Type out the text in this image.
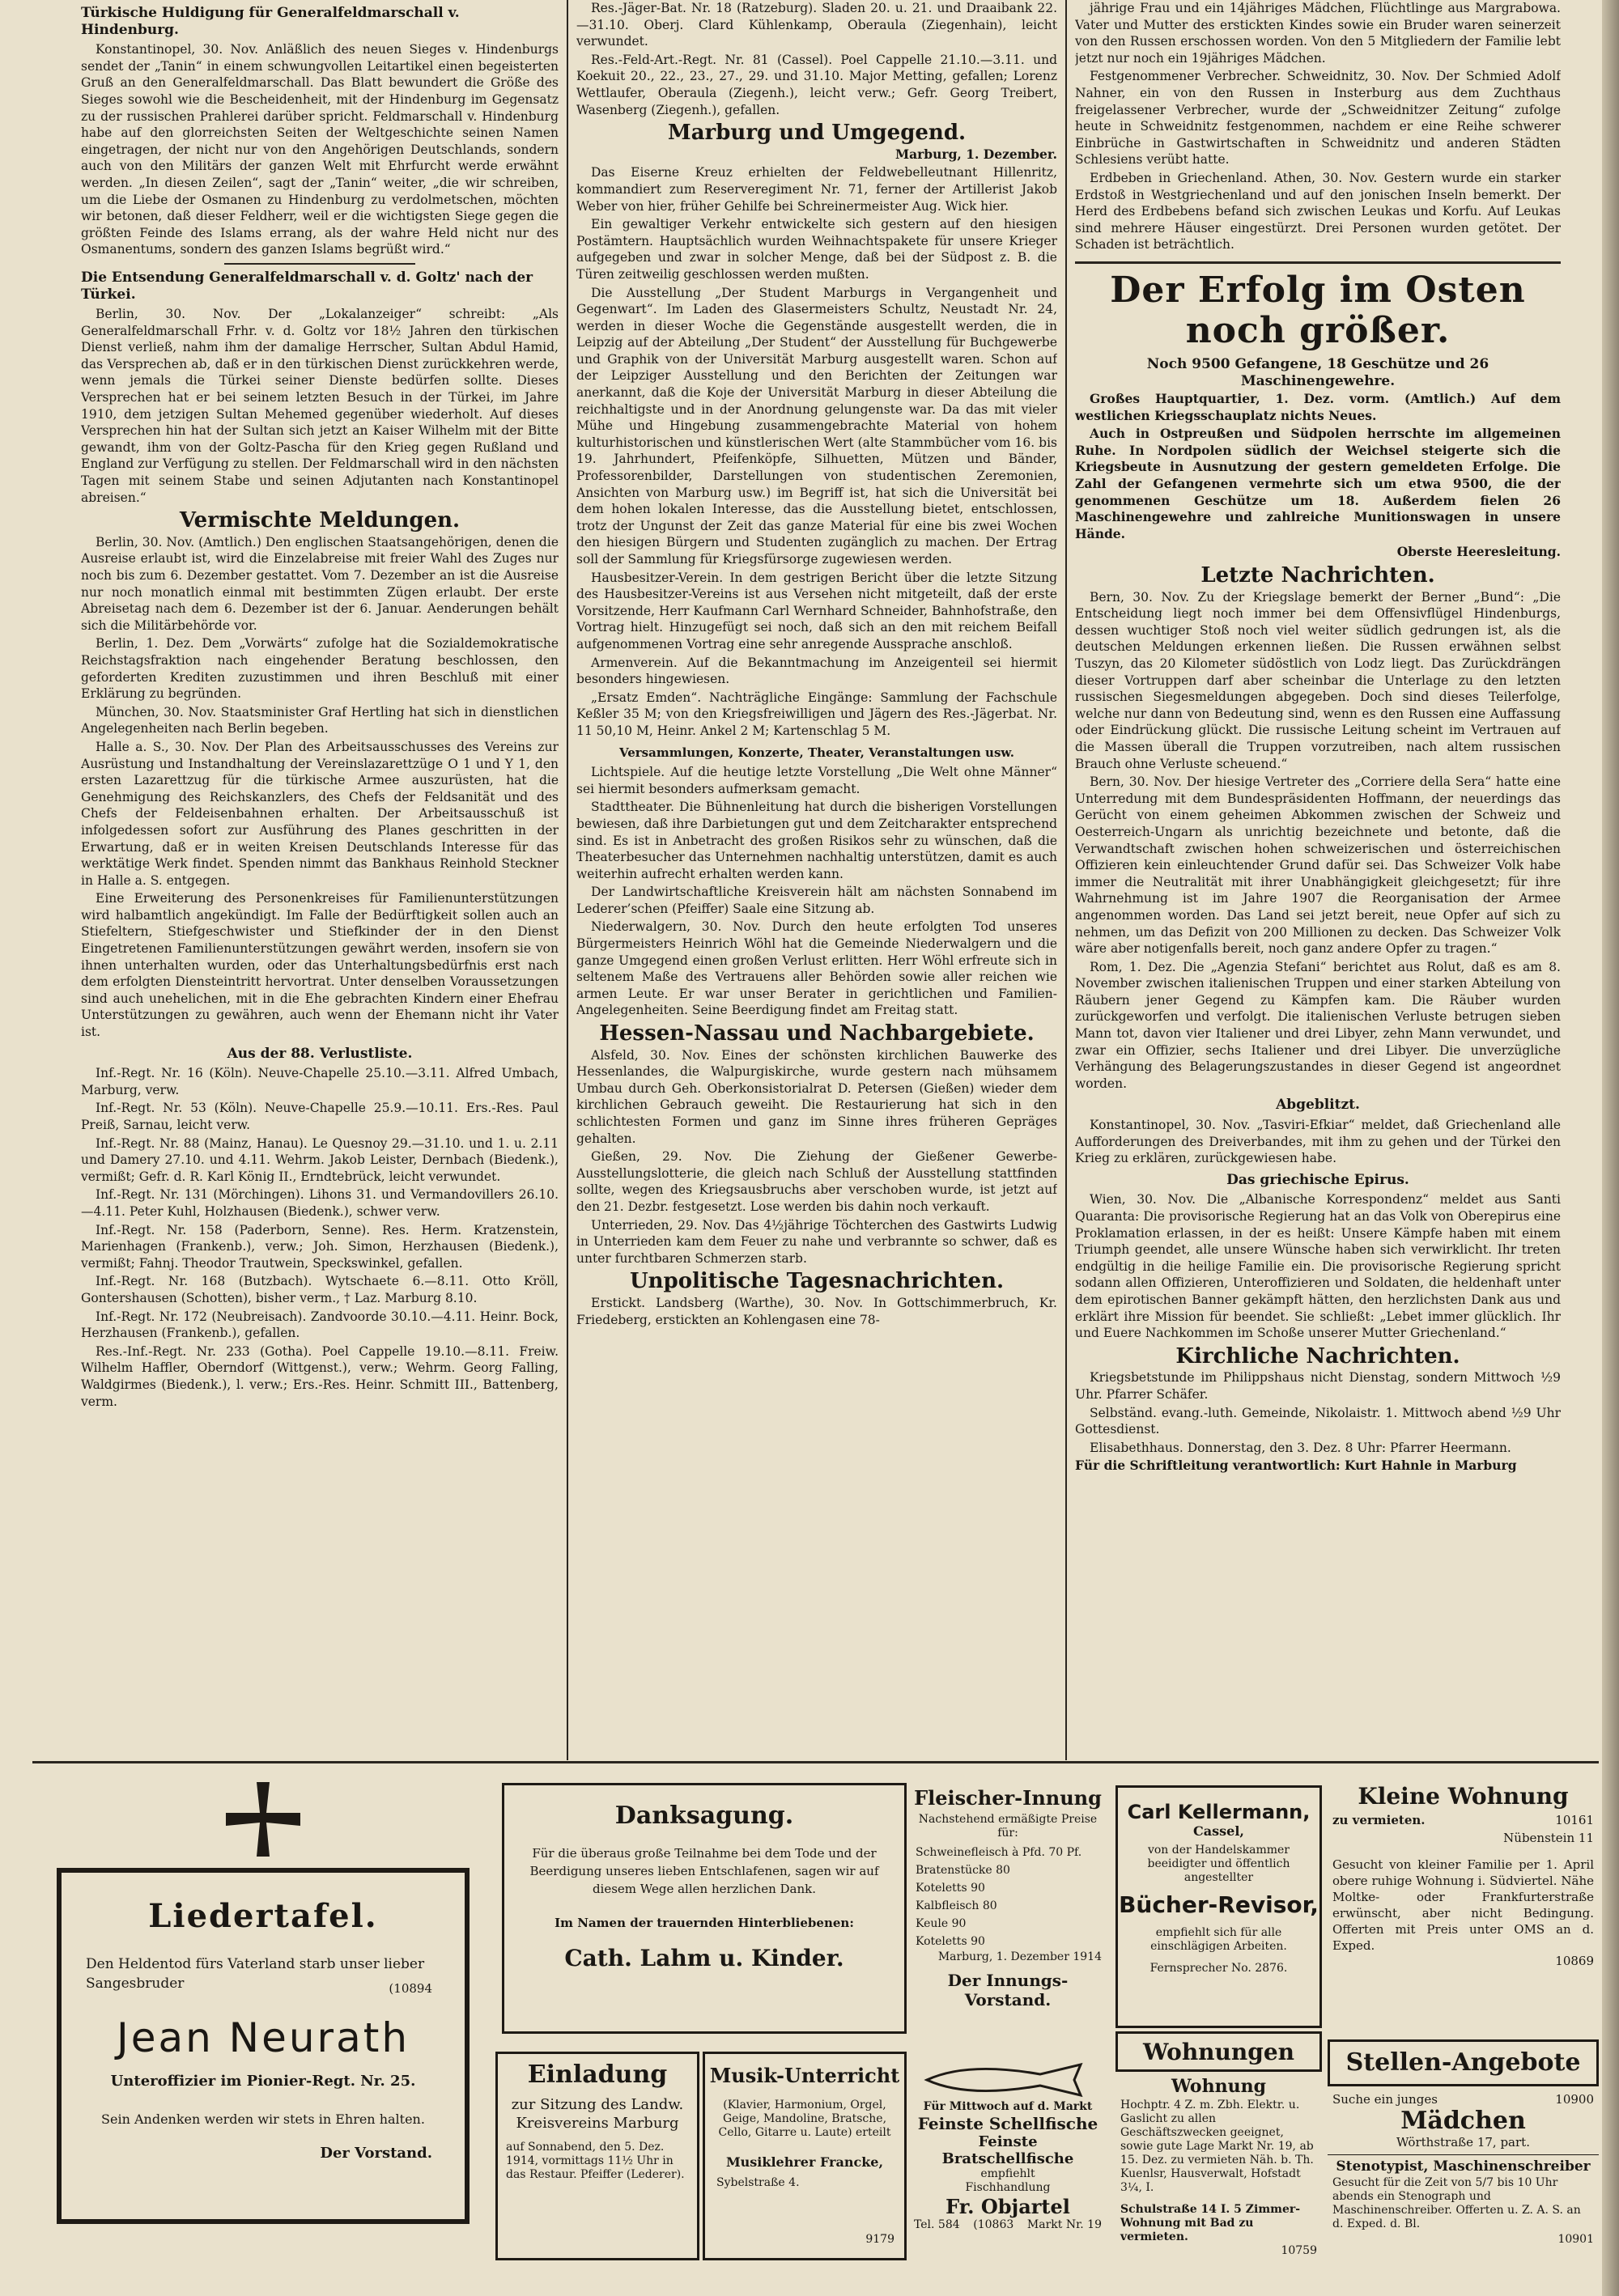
Türkische Huldigung für Generalfeldmarschall v. Hindenburg.

Konstantinopel, 30. Nov. Anläßlich des neuen Sieges v. Hindenburgs sendet der „Tanin“ in einem schwungvollen Leitartikel einen begeisterten Gruß an den Generalfeldmarschall. Das Blatt bewundert die Größe des Sieges sowohl wie die Bescheidenheit, mit der Hindenburg im Gegensatz zu der russischen Prahlerei darüber spricht. Feldmarschall v. Hindenburg habe auf den glorreichsten Seiten der Weltgeschichte seinen Namen eingetragen, der nicht nur von den Angehörigen Deutschlands, sondern auch von den Militärs der ganzen Welt mit Ehrfurcht werde erwähnt werden. „In diesen Zeilen“, sagt der „Tanin“ weiter, „die wir schreiben, um die Liebe der Osmanen zu Hindenburg zu verdolmetschen, möchten wir betonen, daß dieser Feldherr, weil er die wichtigsten Siege gegen die größten Feinde des Islams errang, als der wahre Held nicht nur des Osmanentums, sondern des ganzen Islams begrüßt wird.“

Die Entsendung Generalfeldmarschall v. d. Goltz' nach der Türkei.

Berlin, 30. Nov. Der „Lokalanzeiger“ schreibt: „Als Generalfeldmarschall Frhr. v. d. Goltz vor 18½ Jahren den türkischen Dienst verließ, nahm ihm der damalige Herrscher, Sultan Abdul Hamid, das Versprechen ab, daß er in den türkischen Dienst zurückkehren werde, wenn jemals die Türkei seiner Dienste bedürfen sollte. Dieses Versprechen hat er bei seinem letzten Besuch in der Türkei, im Jahre 1910, dem jetzigen Sultan Mehemed gegenüber wiederholt. Auf dieses Versprechen hin hat der Sultan sich jetzt an Kaiser Wilhelm mit der Bitte gewandt, ihm von der Goltz-Pascha für den Krieg gegen Rußland und England zur Verfügung zu stellen. Der Feldmarschall wird in den nächsten Tagen mit seinem Stabe und seinen Adjutanten nach Konstantinopel abreisen.“

Vermischte Meldungen.

Berlin, 30. Nov. (Amtlich.) Den englischen Staatsangehörigen, denen die Ausreise erlaubt ist, wird die Einzelabreise mit freier Wahl des Zuges nur noch bis zum 6. Dezember gestattet. Vom 7. Dezember an ist die Ausreise nur noch monatlich einmal mit bestimmten Zügen erlaubt. Der erste Abreisetag nach dem 6. Dezember ist der 6. Januar. Aenderungen behält sich die Militärbehörde vor.

Berlin, 1. Dez. Dem „Vorwärts“ zufolge hat die Sozialdemokratische Reichstagsfraktion nach eingehender Beratung beschlossen, den geforderten Krediten zuzustimmen und ihren Beschluß mit einer Erklärung zu begründen.

München, 30. Nov. Staatsminister Graf Hertling hat sich in dienstlichen Angelegenheiten nach Berlin begeben.

Halle a. S., 30. Nov. Der Plan des Arbeitsausschusses des Vereins zur Ausrüstung und Instandhaltung der Vereinslazarettzüge O 1 und Y 1, den ersten Lazarettzug für die türkische Armee auszurüsten, hat die Genehmigung des Reichskanzlers, des Chefs der Feldsanität und des Chefs der Feldeisenbahnen erhalten. Der Arbeitsausschuß ist infolgedessen sofort zur Ausführung des Planes geschritten in der Erwartung, daß er in weiten Kreisen Deutschlands Interesse für das werktätige Werk findet. Spenden nimmt das Bankhaus Reinhold Steckner in Halle a. S. entgegen.

Eine Erweiterung des Personenkreises für Familienunterstützungen wird halbamtlich angekündigt. Im Falle der Bedürftigkeit sollen auch an Stiefeltern, Stiefgeschwister und Stiefkinder der in den Dienst Eingetretenen Familienunterstützungen gewährt werden, insofern sie von ihnen unterhalten wurden, oder das Unterhaltungsbedürfnis erst nach dem erfolgten Diensteintritt hervortrat. Unter denselben Voraussetzungen sind auch unehelichen, mit in die Ehe gebrachten Kindern einer Ehefrau Unterstützungen zu gewähren, auch wenn der Ehemann nicht ihr Vater ist.

Aus der 88. Verlustliste.

Inf.-Regt. Nr. 16 (Köln). Neuve-Chapelle 25.10.—3.11. Alfred Umbach, Marburg, verw.

Inf.-Regt. Nr. 53 (Köln). Neuve-Chapelle 25.9.—10.11. Ers.-Res. Paul Preiß, Sarnau, leicht verw.

Inf.-Regt. Nr. 88 (Mainz, Hanau). Le Quesnoy 29.—31.10. und 1. u. 2.11 und Damery 27.10. und 4.11. Wehrm. Jakob Leister, Dernbach (Biedenk.), vermißt; Gefr. d. R. Karl König II., Erndtebrück, leicht verwundet.

Inf.-Regt. Nr. 131 (Mörchingen). Lihons 31. und Vermandovillers 26.10.—4.11. Peter Kuhl, Holzhausen (Biedenk.), schwer verw.

Inf.-Regt. Nr. 158 (Paderborn, Senne). Res. Herm. Kratzenstein, Marienhagen (Frankenb.), verw.; Joh. Simon, Herzhausen (Biedenk.), vermißt; Fahnj. Theodor Trautwein, Speckswinkel, gefallen.

Inf.-Regt. Nr. 168 (Butzbach). Wytschaete 6.—8.11. Otto Kröll, Gontershausen (Schotten), bisher verm., † Laz. Marburg 8.10.

Inf.-Regt. Nr. 172 (Neubreisach). Zandvoorde 30.10.—4.11. Heinr. Bock, Herzhausen (Frankenb.), gefallen.

Res.-Inf.-Regt. Nr. 233 (Gotha). Poel Cappelle 19.10.—8.11. Freiw. Wilhelm Haffler, Oberndorf (Wittgenst.), verw.; Wehrm. Georg Falling, Waldgirmes (Biedenk.), l. verw.; Ers.-Res. Heinr. Schmitt III., Battenberg, verm.

Res.-Jäger-Bat. Nr. 18 (Ratzeburg). Sladen 20. u. 21. und Draaibank 22.—31.10. Oberj. Clard Kühlenkamp, Oberaula (Ziegenhain), leicht verwundet.

Res.-Feld-Art.-Regt. Nr. 81 (Cassel). Poel Cappelle 21.10.—3.11. und Koekuit 20., 22., 23., 27., 29. und 31.10. Major Metting, gefallen; Lorenz Wettlaufer, Oberaula (Ziegenh.), leicht verw.; Gefr. Georg Treibert, Wasenberg (Ziegenh.), gefallen.

Marburg und Umgegend.

Marburg, 1. Dezember.

Das Eiserne Kreuz erhielten der Feldwebelleutnant Hillenritz, kommandiert zum Reserveregiment Nr. 71, ferner der Artillerist Jakob Weber von hier, früher Gehilfe bei Schreinermeister Aug. Wick hier.

Ein gewaltiger Verkehr entwickelte sich gestern auf den hiesigen Postämtern. Hauptsächlich wurden Weihnachtspakete für unsere Krieger aufgegeben und zwar in solcher Menge, daß bei der Südpost z. B. die Türen zeitweilig geschlossen werden mußten.

Die Ausstellung „Der Student Marburgs in Vergangenheit und Gegenwart“. Im Laden des Glasermeisters Schultz, Neustadt Nr. 24, werden in dieser Woche die Gegenstände ausgestellt werden, die in Leipzig auf der Abteilung „Der Student“ der Ausstellung für Buchgewerbe und Graphik von der Universität Marburg ausgestellt waren. Schon auf der Leipziger Ausstellung und den Berichten der Zeitungen war anerkannt, daß die Koje der Universität Marburg in dieser Abteilung die reichhaltigste und in der Anordnung gelungenste war. Da das mit vieler Mühe und Hingebung zusammengebrachte Material von hohem kulturhistorischen und künstlerischen Wert (alte Stammbücher vom 16. bis 19. Jahrhundert, Pfeifenköpfe, Silhuetten, Mützen und Bänder, Professorenbilder, Darstellungen von studentischen Zeremonien, Ansichten von Marburg usw.) im Begriff ist, hat sich die Universität bei dem hohen lokalen Interesse, das die Ausstellung bietet, entschlossen, trotz der Ungunst der Zeit das ganze Material für eine bis zwei Wochen den hiesigen Bürgern und Studenten zugänglich zu machen. Der Ertrag soll der Sammlung für Kriegsfürsorge zugewiesen werden.

Hausbesitzer-Verein. In dem gestrigen Bericht über die letzte Sitzung des Hausbesitzer-Vereins ist aus Versehen nicht mitgeteilt, daß der erste Vorsitzende, Herr Kaufmann Carl Wernhard Schneider, Bahnhofstraße, den Vortrag hielt. Hinzugefügt sei noch, daß sich an den mit reichem Beifall aufgenommenen Vortrag eine sehr anregende Aussprache anschloß.

Armenverein. Auf die Bekanntmachung im Anzeigenteil sei hiermit besonders hingewiesen.

„Ersatz Emden“. Nachträgliche Eingänge: Sammlung der Fachschule Keßler 35 M; von den Kriegsfreiwilligen und Jägern des Res.-Jägerbat. Nr. 11 50,10 M, Heinr. Ankel 2 M; Kartenschlag 5 M.

Versammlungen, Konzerte, Theater, Veranstaltungen usw.

Lichtspiele. Auf die heutige letzte Vorstellung „Die Welt ohne Männer“ sei hiermit besonders aufmerksam gemacht.

Stadttheater. Die Bühnenleitung hat durch die bisherigen Vorstellungen bewiesen, daß ihre Darbietungen gut und dem Zeitcharakter entsprechend sind. Es ist in Anbetracht des großen Risikos sehr zu wünschen, daß die Theaterbesucher das Unternehmen nachhaltig unterstützen, damit es auch weiterhin aufrecht erhalten werden kann.

Der Landwirtschaftliche Kreisverein hält am nächsten Sonnabend im Lederer’schen (Pfeiffer) Saale eine Sitzung ab.

Niederwalgern, 30. Nov. Durch den heute erfolgten Tod unseres Bürgermeisters Heinrich Wöhl hat die Gemeinde Niederwalgern und die ganze Umgegend einen großen Verlust erlitten. Herr Wöhl erfreute sich in seltenem Maße des Vertrauens aller Behörden sowie aller reichen wie armen Leute. Er war unser Berater in gerichtlichen und Familien-Angelegenheiten. Seine Beerdigung findet am Freitag statt.

Hessen-Nassau und Nachbargebiete.

Alsfeld, 30. Nov. Eines der schönsten kirchlichen Bauwerke des Hessenlandes, die Walpurgiskirche, wurde gestern nach mühsamem Umbau durch Geh. Oberkonsistorialrat D. Petersen (Gießen) wieder dem kirchlichen Gebrauch geweiht. Die Restaurierung hat sich in den schlichtesten Formen und ganz im Sinne ihres früheren Gepräges gehalten.

Gießen, 29. Nov. Die Ziehung der Gießener Gewerbe-Ausstellungslotterie, die gleich nach Schluß der Ausstellung stattfinden sollte, wegen des Kriegsausbruchs aber verschoben wurde, ist jetzt auf den 21. Dezbr. festgesetzt. Lose werden bis dahin noch verkauft.

Unterrieden, 29. Nov. Das 4½jährige Töchterchen des Gastwirts Ludwig in Unterrieden kam dem Feuer zu nahe und verbrannte so schwer, daß es unter furchtbaren Schmerzen starb.

Unpolitische Tagesnachrichten.

Erstickt. Landsberg (Warthe), 30. Nov. In Gottschimmerbruch, Kr. Friedeberg, erstickten an Kohlengasen eine 78-

jährige Frau und ein 14jähriges Mädchen, Flüchtlinge aus Margrabowa. Vater und Mutter des erstickten Kindes sowie ein Bruder waren seinerzeit von den Russen erschossen worden. Von den 5 Mitgliedern der Familie lebt jetzt nur noch ein 19jähriges Mädchen.

Festgenommener Verbrecher. Schweidnitz, 30. Nov. Der Schmied Adolf Nahner, ein von den Russen in Insterburg aus dem Zuchthaus freigelassener Verbrecher, wurde der „Schweidnitzer Zeitung“ zufolge heute in Schweidnitz festgenommen, nachdem er eine Reihe schwerer Einbrüche in Gastwirtschaften in Schweidnitz und anderen Städten Schlesiens verübt hatte.

Erdbeben in Griechenland. Athen, 30. Nov. Gestern wurde ein starker Erdstoß in Westgriechenland und auf den jonischen Inseln bemerkt. Der Herd des Erdbebens befand sich zwischen Leukas und Korfu. Auf Leukas sind mehrere Häuser eingestürzt. Drei Personen wurden getötet. Der Schaden ist beträchtlich.

Der Erfolg im Osten noch größer.

Noch 9500 Gefangene, 18 Geschütze und 26 Maschinengewehre.

Großes Hauptquartier, 1. Dez. vorm. (Amtlich.) Auf dem westlichen Kriegsschauplatz nichts Neues.

Auch in Ostpreußen und Südpolen herrschte im allgemeinen Ruhe. In Nordpolen südlich der Weichsel steigerte sich die Kriegsbeute in Ausnutzung der gestern gemeldeten Erfolge. Die Zahl der Gefangenen vermehrte sich um etwa 9500, die der genommenen Geschütze um 18. Außerdem fielen 26 Maschinengewehre und zahlreiche Munitionswagen in unsere Hände.

Oberste Heeresleitung.

Letzte Nachrichten.

Bern, 30. Nov. Zu der Kriegslage bemerkt der Berner „Bund“: „Die Entscheidung liegt noch immer bei dem Offensivflügel Hindenburgs, dessen wuchtiger Stoß noch viel weiter südlich gedrungen ist, als die deutschen Meldungen erkennen ließen. Die Russen erwähnen selbst Tuszyn, das 20 Kilometer südöstlich von Lodz liegt. Das Zurückdrängen dieser Vortruppen darf aber scheinbar die Unterlage zu den letzten russischen Siegesmeldungen abgegeben. Doch sind dieses Teilerfolge, welche nur dann von Bedeutung sind, wenn es den Russen eine Auffassung oder Eindrückung glückt. Die russische Leitung scheint im Vertrauen auf die Massen überall die Truppen vorzutreiben, nach altem russischen Brauch ohne Verluste scheuend.“

Bern, 30. Nov. Der hiesige Vertreter des „Corriere della Sera“ hatte eine Unterredung mit dem Bundespräsidenten Hoffmann, der neuerdings das Gerücht von einem geheimen Abkommen zwischen der Schweiz und Oesterreich-Ungarn als unrichtig bezeichnete und betonte, daß die Verwandtschaft zwischen hohen schweizerischen und österreichischen Offizieren kein einleuchtender Grund dafür sei. Das Schweizer Volk habe immer die Neutralität mit ihrer Unabhängigkeit gleichgesetzt; für ihre Wahrnehmung ist im Jahre 1907 die Reorganisation der Armee angenommen worden. Das Land sei jetzt bereit, neue Opfer auf sich zu nehmen, um das Defizit von 200 Millionen zu decken. Das Schweizer Volk wäre aber notigenfalls bereit, noch ganz andere Opfer zu tragen.“

Rom, 1. Dez. Die „Agenzia Stefani“ berichtet aus Rolut, daß es am 8. November zwischen italienischen Truppen und einer starken Abteilung von Räubern jener Gegend zu Kämpfen kam. Die Räuber wurden zurückgeworfen und verfolgt. Die italienischen Verluste betrugen sieben Mann tot, davon vier Italiener und drei Libyer, zehn Mann verwundet, und zwar ein Offizier, sechs Italiener und drei Libyer. Die unverzügliche Verhängung des Belagerungszustandes in dieser Gegend ist angeordnet worden.

Abgeblitzt.

Konstantinopel, 30. Nov. „Tasviri-Efkiar“ meldet, daß Griechenland alle Aufforderungen des Dreiverbandes, mit ihm zu gehen und der Türkei den Krieg zu erklären, zurückgewiesen habe.

Das griechische Epirus.

Wien, 30. Nov. Die „Albanische Korrespondenz“ meldet aus Santi Quaranta: Die provisorische Regierung hat an das Volk von Oberepirus eine Proklamation erlassen, in der es heißt: Unsere Kämpfe haben mit einem Triumph geendet, alle unsere Wünsche haben sich verwirklicht. Ihr treten endgültig in die heilige Familie ein. Die provisorische Regierung spricht sodann allen Offizieren, Unteroffizieren und Soldaten, die heldenhaft unter dem epirotischen Banner gekämpft hätten, den herzlichsten Dank aus und erklärt ihre Mission für beendet. Sie schließt: „Lebet immer glücklich. Ihr und Euere Nachkommen im Schoße unserer Mutter Griechenland.“

Kirchliche Nachrichten.

Kriegsbetstunde im Philippshaus nicht Dienstag, sondern Mittwoch ½9 Uhr. Pfarrer Schäfer.

Selbständ. evang.-luth. Gemeinde, Nikolaistr. 1. Mittwoch abend ½9 Uhr Gottesdienst.

Elisabethhaus. Donnerstag, den 3. Dez. 8 Uhr: Pfarrer Heermann.

Für die Schriftleitung verantwortlich: Kurt Hahnle in Marburg

Liedertafel.
Den Heldentod fürs Vaterland starb unser lieber Sangesbruder	(10894
Jean Neurath
Unteroffizier im Pionier-Regt. Nr. 25.
Sein Andenken werden wir stets in Ehren halten.
Der Vorstand.
Danksagung.
Für die überaus große Teilnahme bei dem Tode und der Beerdigung unseres lieben Entschlafenen, sagen wir auf diesem Wege allen herzlichen Dank.
Im Namen der trauernden Hinterbliebenen:
Cath. Lahm u. Kinder.
Einladung
zur Sitzung des Landw. Kreisvereins Marburg
auf Sonnabend, den 5. Dez. 1914, vormittags 11½ Uhr in das Restaur. Pfeiffer (Lederer).
Musik-Unterricht
(Klavier, Harmonium, Orgel, Geige, Mandoline, Bratsche, Cello, Gitarre u. Laute) erteilt
Musiklehrer Francke,
Sybelstraße 4.
9179
Fleischer-Innung
Nachstehend ermäßigte Preise für:
Schweinefleisch à Pfd. 70 Pf.
Bratenstücke 80
Koteletts 90
Kalbfleisch 80
Keule 90
Koteletts 90
Marburg, 1. Dezember 1914
Der Innungs-Vorstand.
Für Mittwoch auf d. Markt
Feinste Schellfische
Feinste Bratschellfische
empfiehlt
Fischhandlung
Fr. Objartel
Tel. 584 (10863 Markt Nr. 19
Carl Kellermann,
Cassel,
von der Handelskammer beeidigter und öffentlich angestellter
Bücher-Revisor,
empfiehlt sich für alle einschlägigen Arbeiten.
Fernsprecher No. 2876.
Wohnungen
Wohnung
Hochptr. 4 Z. m. Zbh. Elektr. u. Gaslicht zu allen Geschäftszwecken geeignet, sowie gute Lage Markt Nr. 19, ab 15. Dez. zu vermieten Näh. b. Th. Kuenlsr, Hausverwalt, Hofstadt 3¼, I.
Schulstraße 14 I. 5 Zimmer-Wohnung mit Bad zu vermieten.
10759
Kleine Wohnung
zu vermieten.	10161
Nübenstein 11
Gesucht von kleiner Familie per 1. April obere ruhige Wohnung i. Südviertel. Nähe Moltke- oder Frankfurterstraße erwünscht, aber nicht Bedingung. Offerten mit Preis unter OMS an d. Exped.
10869
Stellen-Angebote
Suche ein junges	10900
Mädchen
Wörthstraße 17, part.
Stenotypist, Maschinenschreiber
Gesucht für die Zeit von 5/7 bis 10 Uhr abends ein Stenograph und Maschinenschreiber. Offerten u. Z. A. S. an d. Exped. d. Bl.
10901
